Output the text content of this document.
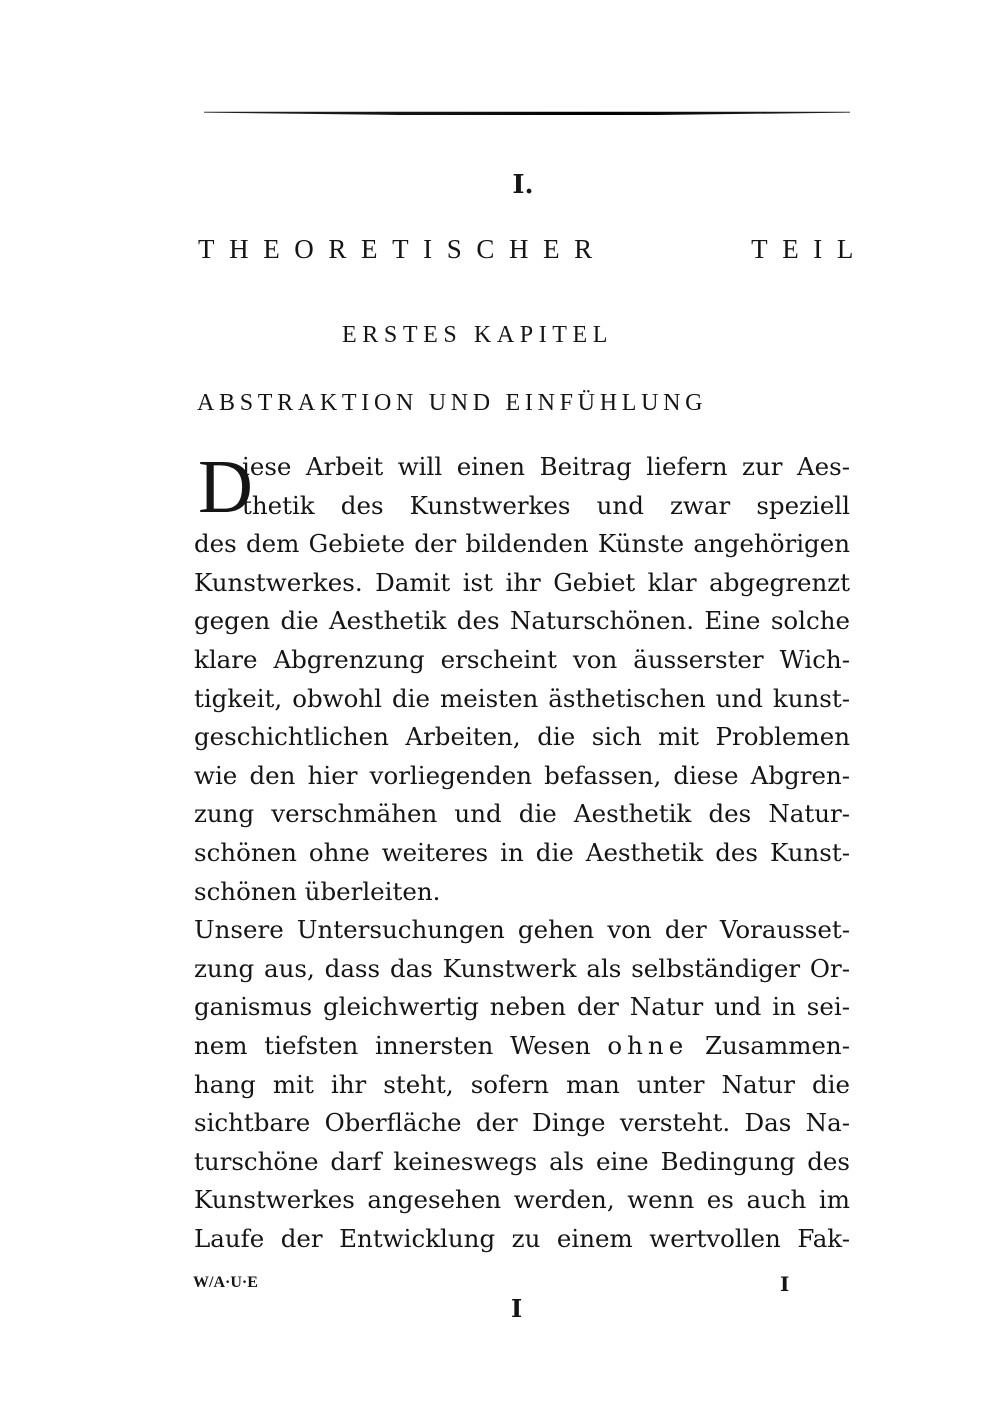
I.
THEORETISCHER	TEIL
ERSTES KAPITEL
ABSTRAKTION UND EINFÜHLUNG
D
iese Arbeit will einen Beitrag liefern zur Aes-
thetik des Kunstwerkes und zwar speziell
des dem Gebiete der bildenden Künste angehörigen
Kunstwerkes. Damit ist ihr Gebiet klar abgegrenzt
gegen die Aesthetik des Naturschönen. Eine solche
klare Abgrenzung erscheint von äusserster Wich-
tigkeit, obwohl die meisten ästhetischen und kunst-
geschichtlichen Arbeiten, die sich mit Problemen
wie den hier vorliegenden befassen, diese Abgren-
zung verschmähen und die Aesthetik des Natur-
schönen ohne weiteres in die Aesthetik des Kunst-
schönen überleiten.
Unsere Untersuchungen gehen von der Vorausset-
zung aus, dass das Kunstwerk als selbständiger Or-
ganismus gleichwertig neben der Natur und in sei-
nem tiefsten innersten Wesen ohne Zusammen-
hang mit ihr steht, sofern man unter Natur die
sichtbare Oberfläche der Dinge versteht. Das Na-
turschöne darf keineswegs als eine Bedingung des
Kunstwerkes angesehen werden, wenn es auch im
Laufe der Entwicklung zu einem wertvollen Fak-
W/A·U·E	I
I
